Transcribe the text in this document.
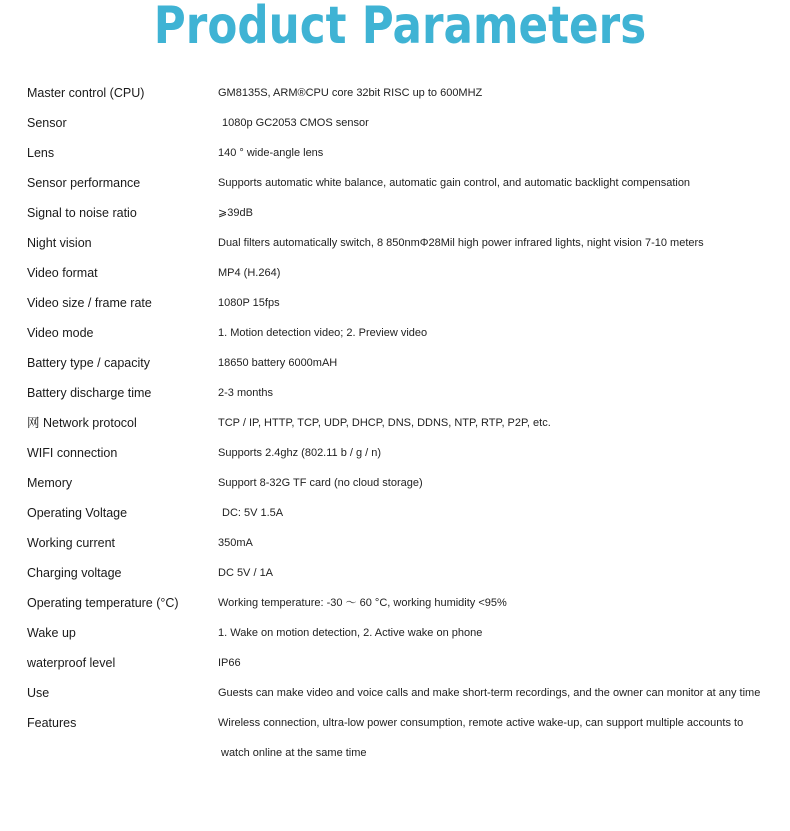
Product Parameters
Master control (CPU)	GM8135S, ARM®CPU core 32bit RISC up to 600MHZ
Sensor	1080p GC2053 CMOS sensor
Lens	140 ° wide-angle lens
Sensor performance	Supports automatic white balance, automatic gain control, and automatic backlight compensation
Signal to noise ratio	⩾39dB
Night vision	Dual filters automatically switch, 8 850nmΦ28Mil high power infrared lights, night vision 7-10 meters
Video format	MP4 (H.264)
Video size / frame rate	1080P 15fps
Video mode	1. Motion detection video; 2. Preview video
Battery type / capacity	18650 battery 6000mAH
Battery discharge time	2-3 months
网 Network protocol	TCP / IP, HTTP, TCP, UDP, DHCP, DNS, DDNS, NTP, RTP, P2P, etc.
WIFI connection	Supports 2.4ghz (802.11 b / g / n)
Memory	Support 8-32G TF card (no cloud storage)
Operating Voltage	DC: 5V 1.5A
Working current	350mA
Charging voltage	DC 5V / 1A
Operating temperature (°C)	Working temperature: -30 ～ 60 °C, working humidity <95%
Wake up	1. Wake on motion detection, 2. Active wake on phone
waterproof level	IP66
Use	Guests can make video and voice calls and make short-term recordings, and the owner can monitor at any time
Features	Wireless connection, ultra-low power consumption, remote active wake-up, can support multiple accounts to
watch online at the same time
